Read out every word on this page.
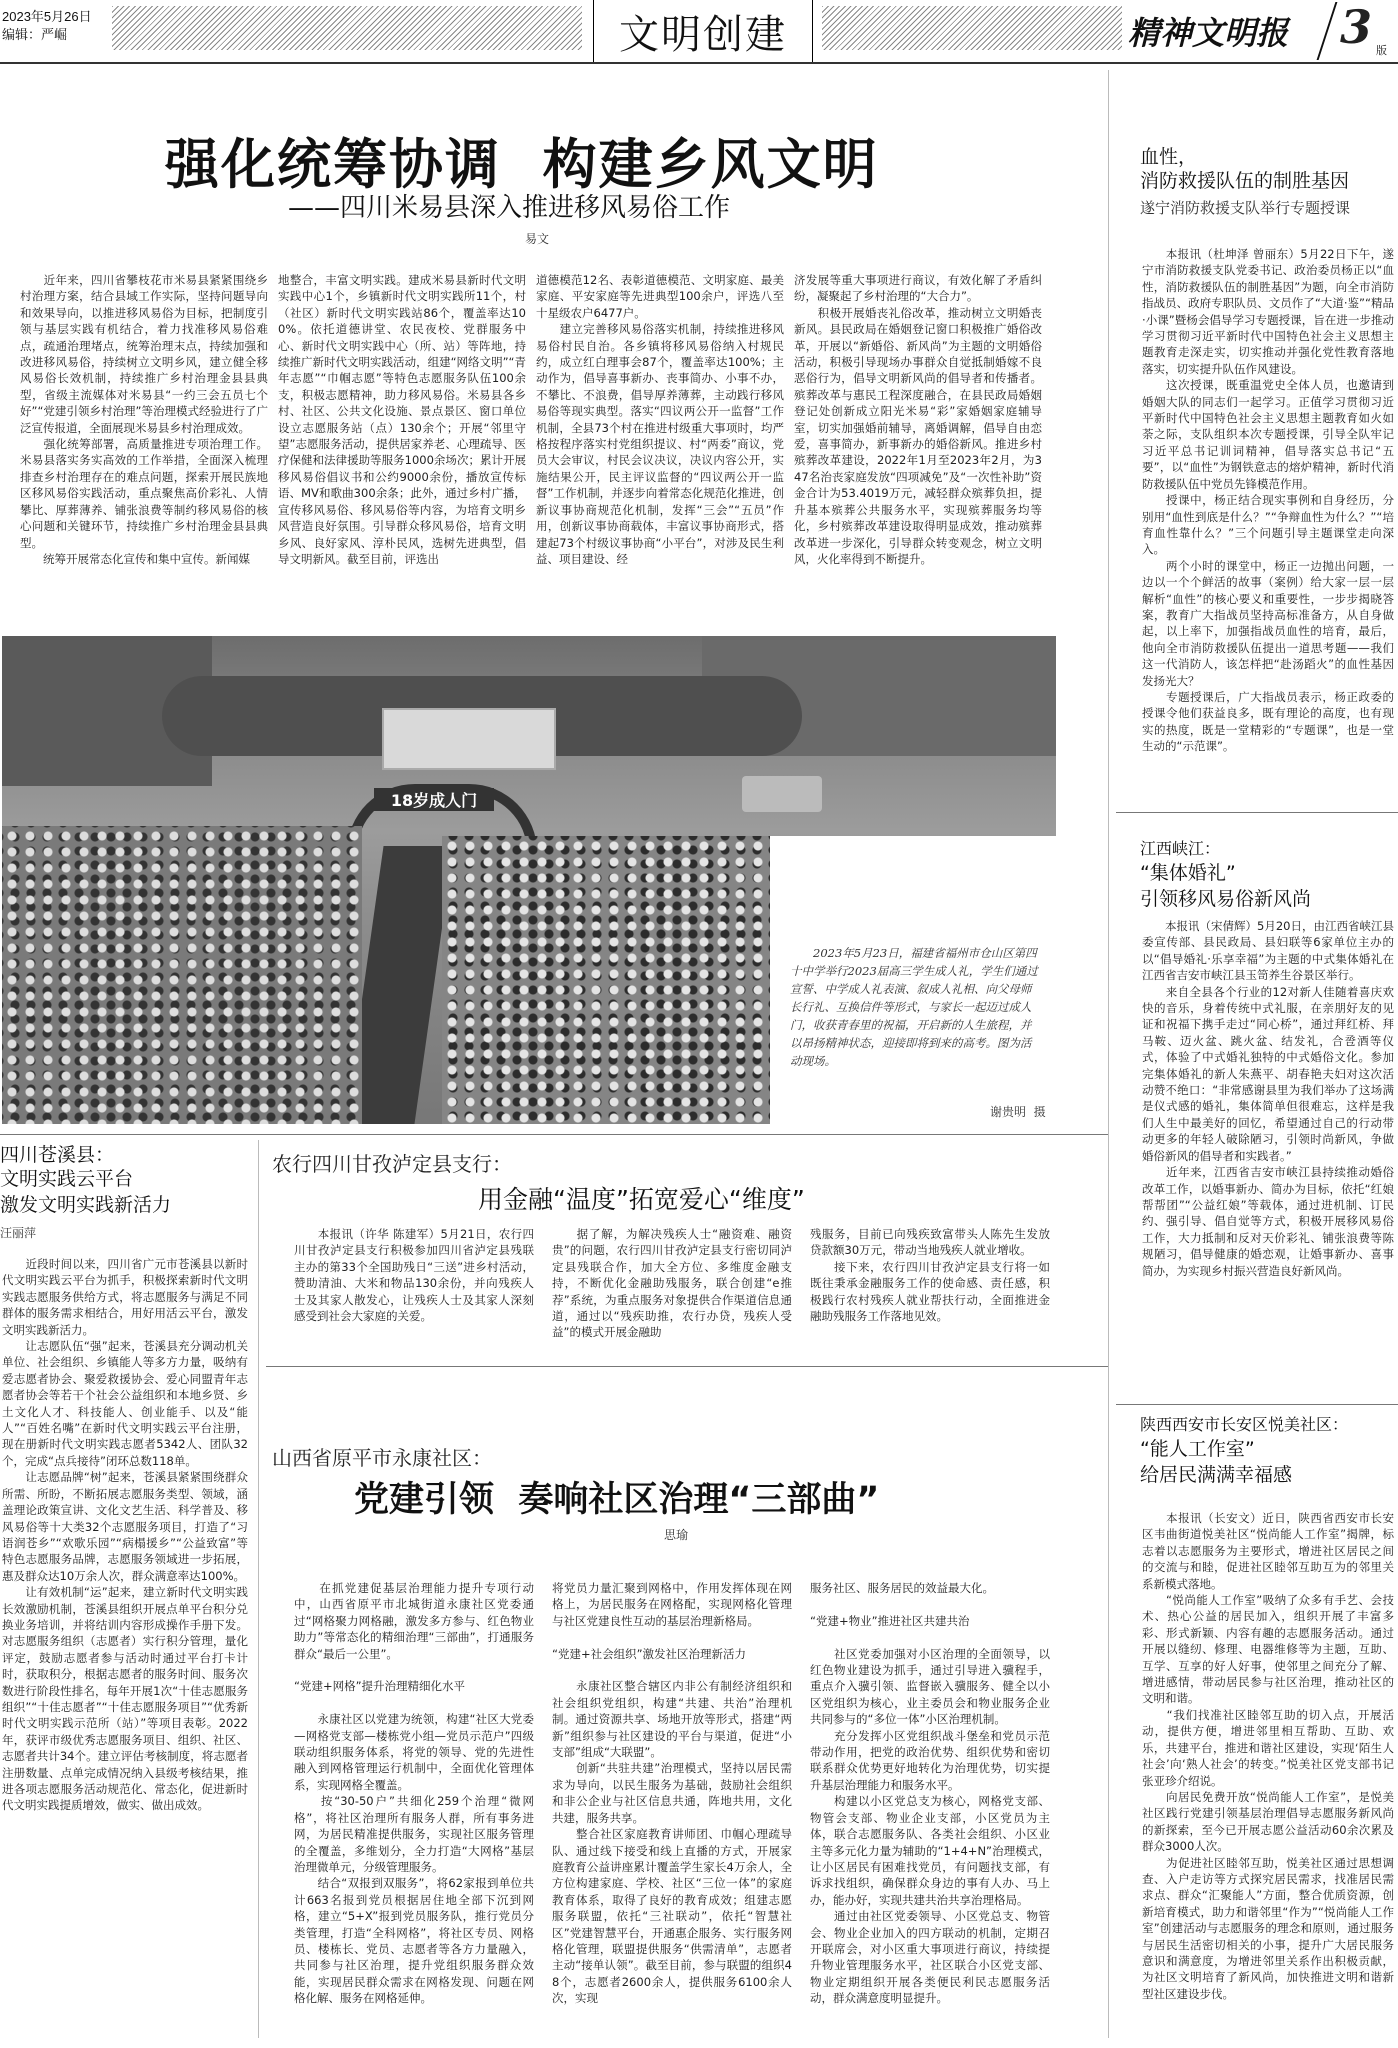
2023年5月26日
编辑：严崛	文明创建	精神文明报 3 版
强化统筹协调  构建乡风文明
——四川米易县深入推进移风易俗工作
易文
　　近年来，四川省攀枝花市米易县紧紧围绕乡村治理方案，结合县域工作实际，坚持问题导向和效果导向，以推进移风易俗为目标，把制度引领与基层实践有机结合，着力找准移风易俗难点，疏通治理堵点，统筹治理末点，持续加强和改进移风易俗，持续树立文明乡风，建立健全移风易俗长效机制，持续推广乡村治理金县县典型，省级主流媒体对米易县“一约三会五员七个好”“党建引领乡村治理”等治理模式经验进行了广泛宣传报道，全面展现米易县乡村治理成效。
　　强化统筹部署，高质量推进专项治理工作。米易县落实务实高效的工作举措，全面深入梳理排查乡村治理存在的难点问题，探索开展民族地区移风易俗实践活动，重点聚焦高价彩礼、人情攀比、厚葬薄养、铺张浪费等制约移风易俗的核心问题和关键环节，持续推广乡村治理金县县典型。
　　统筹开展常态化宣传和集中宣传。新闻媒
地整合，丰富文明实践。建成米易县新时代文明实践中心1个，乡镇新时代文明实践所11个，村（社区）新时代文明实践站86个，覆盖率达100%。依托道德讲堂、农民夜校、党群服务中心、新时代文明实践中心（所、站）等阵地，持续推广新时代文明实践活动，组建“网络文明”“青年志愿”“巾帼志愿”等特色志愿服务队伍100余支，积极志愿精神，助力移风易俗。米易县各乡村、社区、公共文化设施、景点景区、窗口单位设立志愿服务站（点）130余个；开展“邻里守望”志愿服务活动，提供居家养老、心理疏导、医疗保健和法律援助等服务1000余场次；累计开展移风易俗倡议书和公约9000余份，播放宣传标语、MV和歌曲300余条；此外，通过乡村广播，宣传移风易俗、移风易俗等内容，为培育文明乡风营造良好氛围。引导群众移风易俗，培育文明乡风、良好家风、淳朴民风，选树先进典型，倡导文明新风。截至目前，评选出
道德模范12名、表彰道德模范、文明家庭、最美家庭、平安家庭等先进典型100余户，评选八至十星级农户6477户。
　　建立完善移风易俗落实机制，持续推进移风易俗村民自治。各乡镇将移风易俗纳入村规民约，成立红白理事会87个，覆盖率达100%；主动作为，倡导喜事新办、丧事简办、小事不办，不攀比、不浪费，倡导厚养薄葬，主动践行移风易俗等现实典型。落实“四议两公开一监督”工作机制，全县73个村在推进村级重大事项时，均严格按程序落实村党组织提议、村“两委”商议，党员大会审议，村民会议决议，决议内容公开，实施结果公开，民主评议监督的“四议两公开一监督”工作机制，并逐步向着常态化规范化推进，创新议事协商规范化机制，发挥“三会”“五员”作用，创新议事协商载体，丰富议事协商形式，搭建起73个村级议事协商“小平台”，对涉及民生利益、项目建设、经
济发展等重大事项进行商议，有效化解了矛盾纠纷，凝聚起了乡村治理的“大合力”。
　　积极开展婚丧礼俗改革，推动树立文明婚丧新风。县民政局在婚姻登记窗口积极推广婚俗改革，开展以“新婚俗、新风尚”为主题的文明婚俗活动，积极引导现场办事群众自觉抵制婚嫁不良恶俗行为，倡导文明新风尚的倡导者和传播者。殡葬改革与惠民工程深度融合，在县民政局婚姻登记处创新成立阳光米易“彩”家婚姻家庭辅导室，切实加强婚前辅导，离婚调解，倡导自由恋爱，喜事简办，新事新办的婚俗新风。推进乡村殡葬改革建设，2022年1月至2023年2月，为347名治丧家庭发放“四项减免”及“一次性补助”资金合计为53.4019万元，减轻群众殡葬负担，提升基本殡葬公共服务水平，实现殡葬服务均等化，乡村殡葬改革建设取得明显成效，推动殡葬改革进一步深化，引导群众转变观念，树立文明风，火化率得到不断提升。
18岁成人门
　　2023年5月23日，福建省福州市仓山区第四十中学举行2023届高三学生成人礼，学生们通过宣誓、中学成人礼表演、叙成人礼相、向父母师长行礼、互换信件等形式，与家长一起迈过成人门，收获青春里的祝福，开启新的人生旅程，并以昂扬精神状态，迎接即将到来的高考。图为活动现场。
谢贵明  摄
血性，
消防救援队伍的制胜基因
遂宁消防救援支队举行专题授课
　　本报讯（杜坤泽 曾丽东）5月22日下午，遂宁市消防救援支队党委书记、政治委员杨正以“血性，消防救援队伍的制胜基因”为题，向全市消防指战员、政府专职队员、文员作了“大道·鉴”“精品·小课”暨杨会倡导学习专题授课，旨在进一步推动学习贯彻习近平新时代中国特色社会主义思想主题教育走深走实，切实推动并强化党性教育落地落实，切实提升队伍作风建设。
　　这次授课，既重温党史全体人员，也邀请到婚姻大队的同志们一起学习。正值学习贯彻习近平新时代中国特色社会主义思想主题教育如火如荼之际，支队组织本次专题授课，引导全队牢记习近平总书记训词精神，倡导落实总书记“五要”，以“血性”为钢铁意志的熔炉精神，新时代消防救援队伍中党员先锋模范作用。
　　授课中，杨正结合现实事例和自身经历，分别用“血性到底是什么？”“争辩血性为什么？”“培育血性靠什么？”三个问题引导主题课堂走向深入。
　　两个小时的课堂中，杨正一边抛出问题，一边以一个个鲜活的故事（案例）给大家一层一层解析“血性”的核心要义和重要性，一步步揭晓答案，教育广大指战员坚持高标准备方，从自身做起，以上率下，加强指战员血性的培育，最后，他向全市消防救援队伍提出一道思考题——我们这一代消防人，该怎样把“赴汤蹈火”的血性基因发扬光大？
　　专题授课后，广大指战员表示，杨正政委的授课令他们获益良多，既有理论的高度，也有现实的热度，既是一堂精彩的“专题课”，也是一堂生动的“示范课”。
江西峡江：
“集体婚礼”
引领移风易俗新风尚
　　本报讯（宋倩辉）5月20日，由江西省峡江县委宣传部、县民政局、县妇联等6家单位主办的以“倡导婚礼·乐享幸福”为主题的中式集体婚礼在江西省吉安市峡江县玉笥养生谷景区举行。
　　来自全县各个行业的12对新人佳随着喜庆欢快的音乐，身着传统中式礼服，在亲朋好友的见证和祝福下携手走过“同心桥”，通过拜红桥、拜马鞍、迈火盆、跳火盆、结发礼，合卺酒等仪式，体验了中式婚礼独特的中式婚俗文化。参加完集体婚礼的新人朱燕平、胡春艳夫妇对这次活动赞不绝口：“非常感谢县里为我们举办了这场满是仪式感的婚礼，集体简单但很难忘，这样是我们人生中最美好的回忆，希望通过自己的行动带动更多的年轻人破除陋习，引领时尚新风，争做婚俗新风的倡导者和实践者。”
　　近年来，江西省吉安市峡江县持续推动婚俗改革工作，以婚事新办、简办为目标，依托“红娘帮帮团”“公益红娘”等载体，通过进机制、订民约、强引导、倡自觉等方式，积极开展移风易俗工作，大力抵制和反对天价彩礼、铺张浪费等陈规陋习，倡导健康的婚恋观，让婚事新办、喜事简办，为实现乡村振兴营造良好新风尚。
陕西西安市长安区悦美社区：
“能人工作室”
给居民满满幸福感
　　本报讯（长安文）近日，陕西省西安市长安区韦曲街道悦美社区“悦尚能人工作室”揭牌，标志着以志愿服务为主要形式，增进社区居民之间的交流与和睦，促进社区睦邻互助互为的邻里关系新模式落地。
　　“悦尚能人工作室”吸纳了众多有手艺、会技术、热心公益的居民加入，组织开展了丰富多彩、形式新颖、内容有趣的志愿服务活动。通过开展以缝纫、修理、电器维修等为主题，互助、互学、互享的好人好事，使邻里之间充分了解、增进感情，带动居民参与社区治理，推动社区的文明和谐。
　　“我们找准社区睦邻互助的切入点，开展活动，提供方便，增进邻里相互帮助、互助、欢乐，共建平台，推进和谐社区建设，实现‘陌生人社会’向‘熟人社会’的转变。”悦美社区党支部书记张亚珍介绍说。
　　向居民免费开放“悦尚能人工作室”，是悦美社区践行党建引领基层治理倡导志愿服务新风尚的新探索，至今已开展志愿公益活动60余次累及群众3000人次。
　　为促进社区睦邻互助，悦美社区通过思想调查、入户走访等方式探究居民需求，找准居民需求点、群众“汇聚能人”方面，整合优质资源，创新培育模式，助力和谐邻里“作为”“悦尚能人工作室”创建活动与志愿服务的理念和原则，通过服务与居民生活密切相关的小事，提升广大居民服务意识和满意度，为增进邻里关系作出积极贡献，为社区文明培育了新风尚，加快推进文明和谐新型社区建设步伐。
四川苍溪县：
文明实践云平台
激发文明实践新活力
汪丽萍
　　近段时间以来，四川省广元市苍溪县以新时代文明实践云平台为抓手，积极探索新时代文明实践志愿服务供给方式，将志愿服务与满足不同群体的服务需求相结合，用好用活云平台，激发文明实践新活力。
　　让志愿队伍“强”起来，苍溪县充分调动机关单位、社会组织、乡镇能人等多方力量，吸纳有爱志愿者协会、聚爱救援协会、爱心同盟青年志愿者协会等若干个社会公益组织和本地乡贤、乡土文化人才、科技能人、创业能手、以及“能人”“百姓名嘴”在新时代文明实践云平台注册，现在册新时代文明实践志愿者5342人、团队32个，完成“点兵接待”闭环总数118单。
　　让志愿品牌“树”起来，苍溪县紧紧围绕群众所需、所盼，不断拓展志愿服务类型、领域，涵盖理论政策宣讲、文化文艺生活、科学普及、移风易俗等十大类32个志愿服务项目，打造了“习语润苍乡”“欢歌乐园”“病榻援乡”“公益致富”等特色志愿服务品牌，志愿服务领域进一步拓展，惠及群众达10万余人次，群众满意率达100%。
　　让有效机制“运”起来，建立新时代文明实践长效激励机制，苍溪县组织开展点单平台积分兑换业务培训，并将结训内容形成操作手册下发。对志愿服务组织（志愿者）实行积分管理，量化评定，鼓励志愿者参与活动时通过平台打卡计时，获取积分，根据志愿者的服务时间、服务次数进行阶段性排名，每年开展1次“十佳志愿服务组织”“十佳志愿者”“十佳志愿服务项目”“优秀新时代文明实践示范所（站）”等项目表彰。2022年，获评市级优秀志愿服务项目、组织、社区、志愿者共计34个。建立评估考核制度，将志愿者注册数量、点单完成情况纳入县级考核结果，推进各项志愿服务活动规范化、常态化，促进新时代文明实践提质增效，做实、做出成效。
农行四川甘孜泸定县支行：
用金融“温度”拓宽爱心“维度”
　　本报讯（许华 陈建军）5月21日，农行四川甘孜泸定县支行积极参加四川省泸定县残联主办的第33个全国助残日“三送”进乡村活动，赞助清油、大米和物品130余份，并向残疾人士及其家人散发心，让残疾人士及其家人深刻感受到社会大家庭的关爱。
　　据了解，为解决残疾人士“融资难、融资贵”的问题，农行四川甘孜泸定县支行密切同泸定县残联合作，加大全方位、多维度金融支持，不断优化金融助残服务，联合创建“e推荐”系统，为重点服务对象提供合作渠道信息通道，通过以“残疾助推，农行办贷，残疾人受益”的模式开展金融助
残服务，目前已向残疾致富带头人陈先生发放贷款额30万元，带动当地残疾人就业增收。
　　接下来，农行四川甘孜泸定县支行将一如既往秉承金融服务工作的使命感、责任感，积极践行农村残疾人就业帮扶行动，全面推进金融助残服务工作落地见效。
山西省原平市永康社区：
党建引领  奏响社区治理“三部曲”
思瑜
　　在抓党建促基层治理能力提升专项行动中，山西省原平市北城街道永康社区党委通过“网格聚力网格融，激发多方参与、红色物业助力”等常态化的精细治理“三部曲”，打通服务群众“最后一公里”。

“党建+网格”提升治理精细化水平

　　永康社区以党建为统领，构建“社区大党委—网格党支部—楼栋党小组—党员示范户”四级联动组织服务体系，将党的领导、党的先进性融入到网格管理运行机制中，全面优化管理体系，实现网格全覆盖。
　　按“30-50户”共细化259个治理“微网格”，将社区治理所有服务人群，所有事务进网，为居民精准提供服务，实现社区服务管理的全覆盖，多维划分，全力打造“大网格”基层治理微单元，分级管理服务。
　　结合“双报到双服务”，将62家报到单位共计663名报到党员根据居住地全部下沉到网格，建立“5+X”报到党员服务队，推行党员分类管理，打造“全科网格”，将社区专员、网格员、楼栋长、党员、志愿者等各方力量融入，共同参与社区治理，提升党组织服务群众效能，实现居民群众需求在网格发现、问题在网格化解、服务在网格延伸。
将党员力量汇聚到网格中，作用发挥体现在网格上，为居民服务在网格配，实现网格化管理与社区党建良性互动的基层治理新格局。

“党建+社会组织”激发社区治理新活力

　　永康社区整合辖区内非公有制经济组织和社会组织党组织，构建“共建、共治”治理机制。通过资源共享、场地开放等形式，搭建“两新”组织参与社区建设的平台与渠道，促进“小支部”组成“大联盟”。
　　创新“共驻共建”治理模式，坚持以居民需求为导向，以民生服务为基础，鼓励社会组织和非公企业与社区信息共通，阵地共用，文化共建，服务共享。
　　整合社区家庭教育讲师团、巾帼心理疏导队、通过线下接受和线上直播的方式，开展家庭教育公益讲座累计覆盖学生家长4万余人，全方位构建家庭、学校、社区“三位一体”的家庭教育体系，取得了良好的教育成效；组建志愿服务联盟，依托“三社联动”，依托“智慧社区”党建智慧平台，开通惠企服务、实行服务网格化管理，联盟提供服务“供需清单”，志愿者主动“接单认领”。截至目前，参与联盟的组织48个，志愿者2600余人，提供服务6100余人次，实现
服务社区、服务居民的效益最大化。

“党建+物业”推进社区共建共治

　　社区党委加强对小区治理的全面领导，以红色物业建设为抓手，通过引导进入骥程手，重点介入骥引领、监督嵌入骥服务、健全以小区党组织为核心，业主委员会和物业服务企业共同参与的“多位一体”小区治理机制。
　　充分发挥小区党组织战斗堡垒和党员示范带动作用，把党的政治优势、组织优势和密切联系群众优势更好地转化为治理优势，切实提升基层治理能力和服务水平。
　　构建以小区党总支为核心，网格党支部、物管会支部、物业企业支部，小区党员为主体，联合志愿服务队、各类社会组织、小区业主等多元化力量为辅助的“1+4+N”治理模式，让小区居民有困难找党员，有问题找支部，有诉求找组织，确保群众身边的事有人办、马上办，能办好，实现共建共治共享治理格局。
　　通过由社区党委领导、小区党总支、物管会、物业企业加入的四方联动的机制，定期召开联席会，对小区重大事项进行商议，持续提升物业管理服务水平，社区联合小区党支部、物业定期组织开展各类便民利民志愿服务活动，群众满意度明显提升。
